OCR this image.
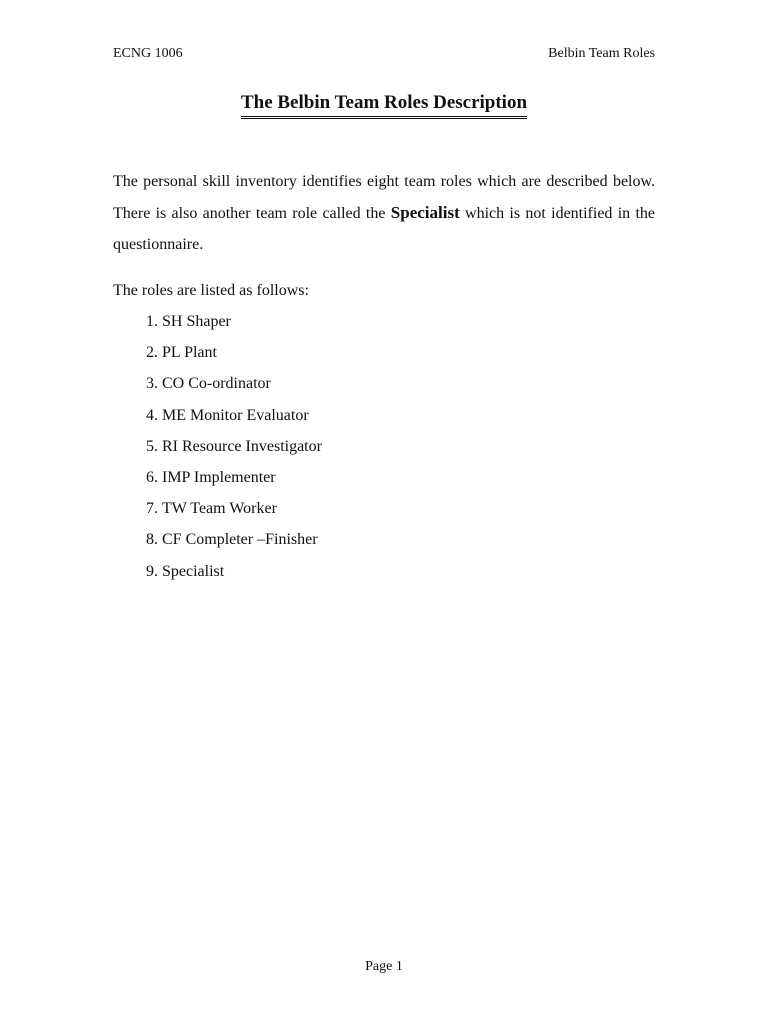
ECNG 1006	Belbin Team Roles
The Belbin Team Roles Description

The personal skill inventory identifies eight team roles which are described below. There is also another team role called the Specialist which is not identified in the questionnaire.

The roles are listed as follows:

1.
SH Shaper
2.
PL Plant
3.
CO Co-ordinator
4.
ME Monitor Evaluator
5.
RI Resource Investigator
6.
IMP Implementer
7.
TW Team Worker
8.
CF Completer –Finisher
9.
Specialist
Page 1
